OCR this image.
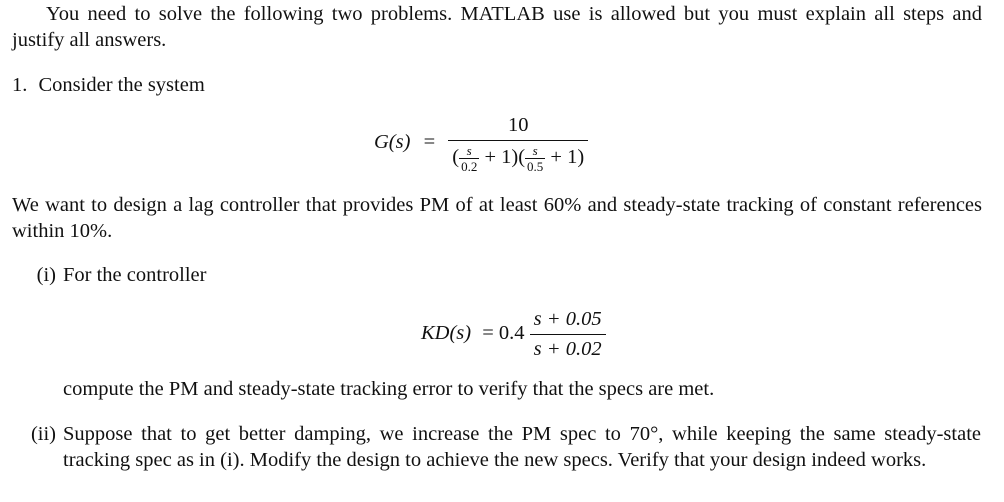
You need to solve the following two problems. MATLAB use is allowed but you must explain all steps and justify all answers.
1. Consider the system
$G(s) = \frac{10}{( \frac{s}{0.2} + 1)( \frac{s}{0.5} + 1)}$
We want to design a lag controller that provides PM of at least 60% and steady-state tracking of constant references within 10%.
(i) For the controller
$KD(s) = 0.4 \frac{s + 0.05}{s + 0.02}$
compute the PM and steady-state tracking error to verify that the specs are met.
(ii) Suppose that to get better damping, we increase the PM spec to 70°, while keeping the same steady-state tracking spec as in (i). Modify the design to achieve the new specs. Verify that your design indeed works.
